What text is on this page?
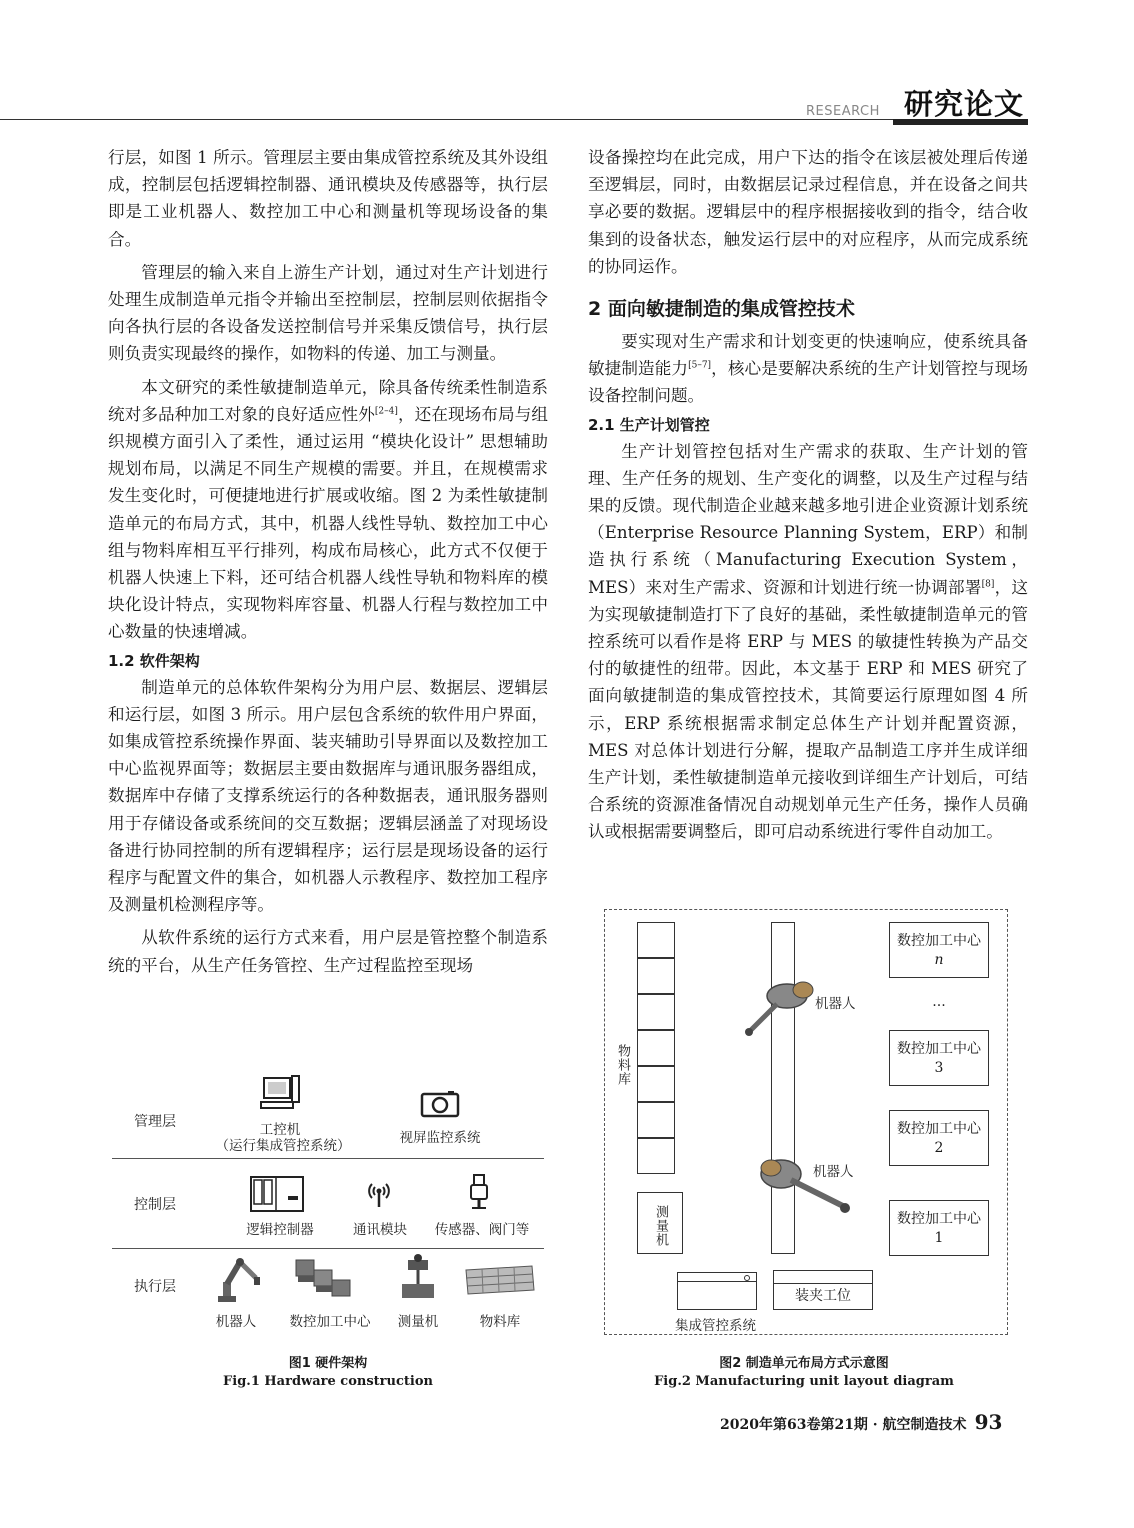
RESEARCH 研究论文

行层，如图 1 所示。管理层主要由集成管控系统及其外设组成，控制层包括逻辑控制器、通讯模块及传感器等，执行层即是工业机器人、数控加工中心和测量机等现场设备的集合。

管理层的输入来自上游生产计划，通过对生产计划进行处理生成制造单元指令并输出至控制层，控制层则依据指令向各执行层的各设备发送控制信号并采集反馈信号，执行层则负责实现最终的操作，如物料的传递、加工与测量。

本文研究的柔性敏捷制造单元，除具备传统柔性制造系统对多品种加工对象的良好适应性外[2–4]，还在现场布局与组织规模方面引入了柔性，通过运用 “模块化设计” 思想辅助规划布局，以满足不同生产规模的需要。并且，在规模需求发生变化时，可便捷地进行扩展或收缩。图 2 为柔性敏捷制造单元的布局方式，其中，机器人线性导轨、数控加工中心组与物料库相互平行排列，构成布局核心，此方式不仅便于机器人快速上下料，还可结合机器人线性导轨和物料库的模块化设计特点，实现物料库容量、机器人行程与数控加工中心数量的快速增减。

1.2 软件架构

制造单元的总体软件架构分为用户层、数据层、逻辑层和运行层，如图 3 所示。用户层包含系统的软件用户界面，如集成管控系统操作界面、装夹辅助引导界面以及数控加工中心监视界面等；数据层主要由数据库与通讯服务器组成，数据库中存储了支撑系统运行的各种数据表，通讯服务器则用于存储设备或系统间的交互数据；逻辑层涵盖了对现场设备进行协同控制的所有逻辑程序；运行层是现场设备的运行程序与配置文件的集合，如机器人示教程序、数控加工程序及测量机检测程序等。

从软件系统的运行方式来看，用户层是管控整个制造系统的平台，从生产任务管控、生产过程监控至现场

设备操控均在此完成，用户下达的指令在该层被处理后传递至逻辑层，同时，由数据层记录过程信息，并在设备之间共享必要的数据。逻辑层中的程序根据接收到的指令，结合收集到的设备状态，触发运行层中的对应程序，从而完成系统的协同运作。

2 面向敏捷制造的集成管控技术

要实现对生产需求和计划变更的快速响应，使系统具备敏捷制造能力[5–7]，核心是要解决系统的生产计划管控与现场设备控制问题。

2.1 生产计划管控

生产计划管控包括对生产需求的获取、生产计划的管理、生产任务的规划、生产变化的调整，以及生产过程与结果的反馈。现代制造企业越来越多地引进企业资源计划系统（Enterprise Resource Planning System，ERP）和制造执行系统（Manufacturing Execution System，MES）来对生产需求、资源和计划进行统一协调部署[8]，这为实现敏捷制造打下了良好的基础，柔性敏捷制造单元的管控系统可以看作是将 ERP 与 MES 的敏捷性转换为产品交付的敏捷性的纽带。因此，本文基于 ERP 和 MES 研究了面向敏捷制造的集成管控技术，其简要运行原理如图 4 所示，ERP 系统根据需求制定总体生产计划并配置资源，MES 对总体计划进行分解，提取产品制造工序并生成详细生产计划，柔性敏捷制造单元接收到详细生产计划后，可结合系统的资源准备情况自动规划单元生产任务，操作人员确认或根据需要调整后，即可启动系统进行零件自动加工。

管理层
控制层
执行层
工控机
（运行集成管控系统）	视屏监控系统
逻辑控制器	通讯模块	传感器、阀门等
机器人	数控加工中心	测量机	物料库
图1 硬件架构
Fig.1 Hardware construction
物料库
测量机
机器人
机器人
数控加工中心
n
…
数控加工中心
3
数控加工中心
2
数控加工中心
1
集成管控系统
装夹工位
图2 制造单元布局方式示意图
Fig.2 Manufacturing unit layout diagram
2020年第63卷第21期 · 航空制造技术 93
